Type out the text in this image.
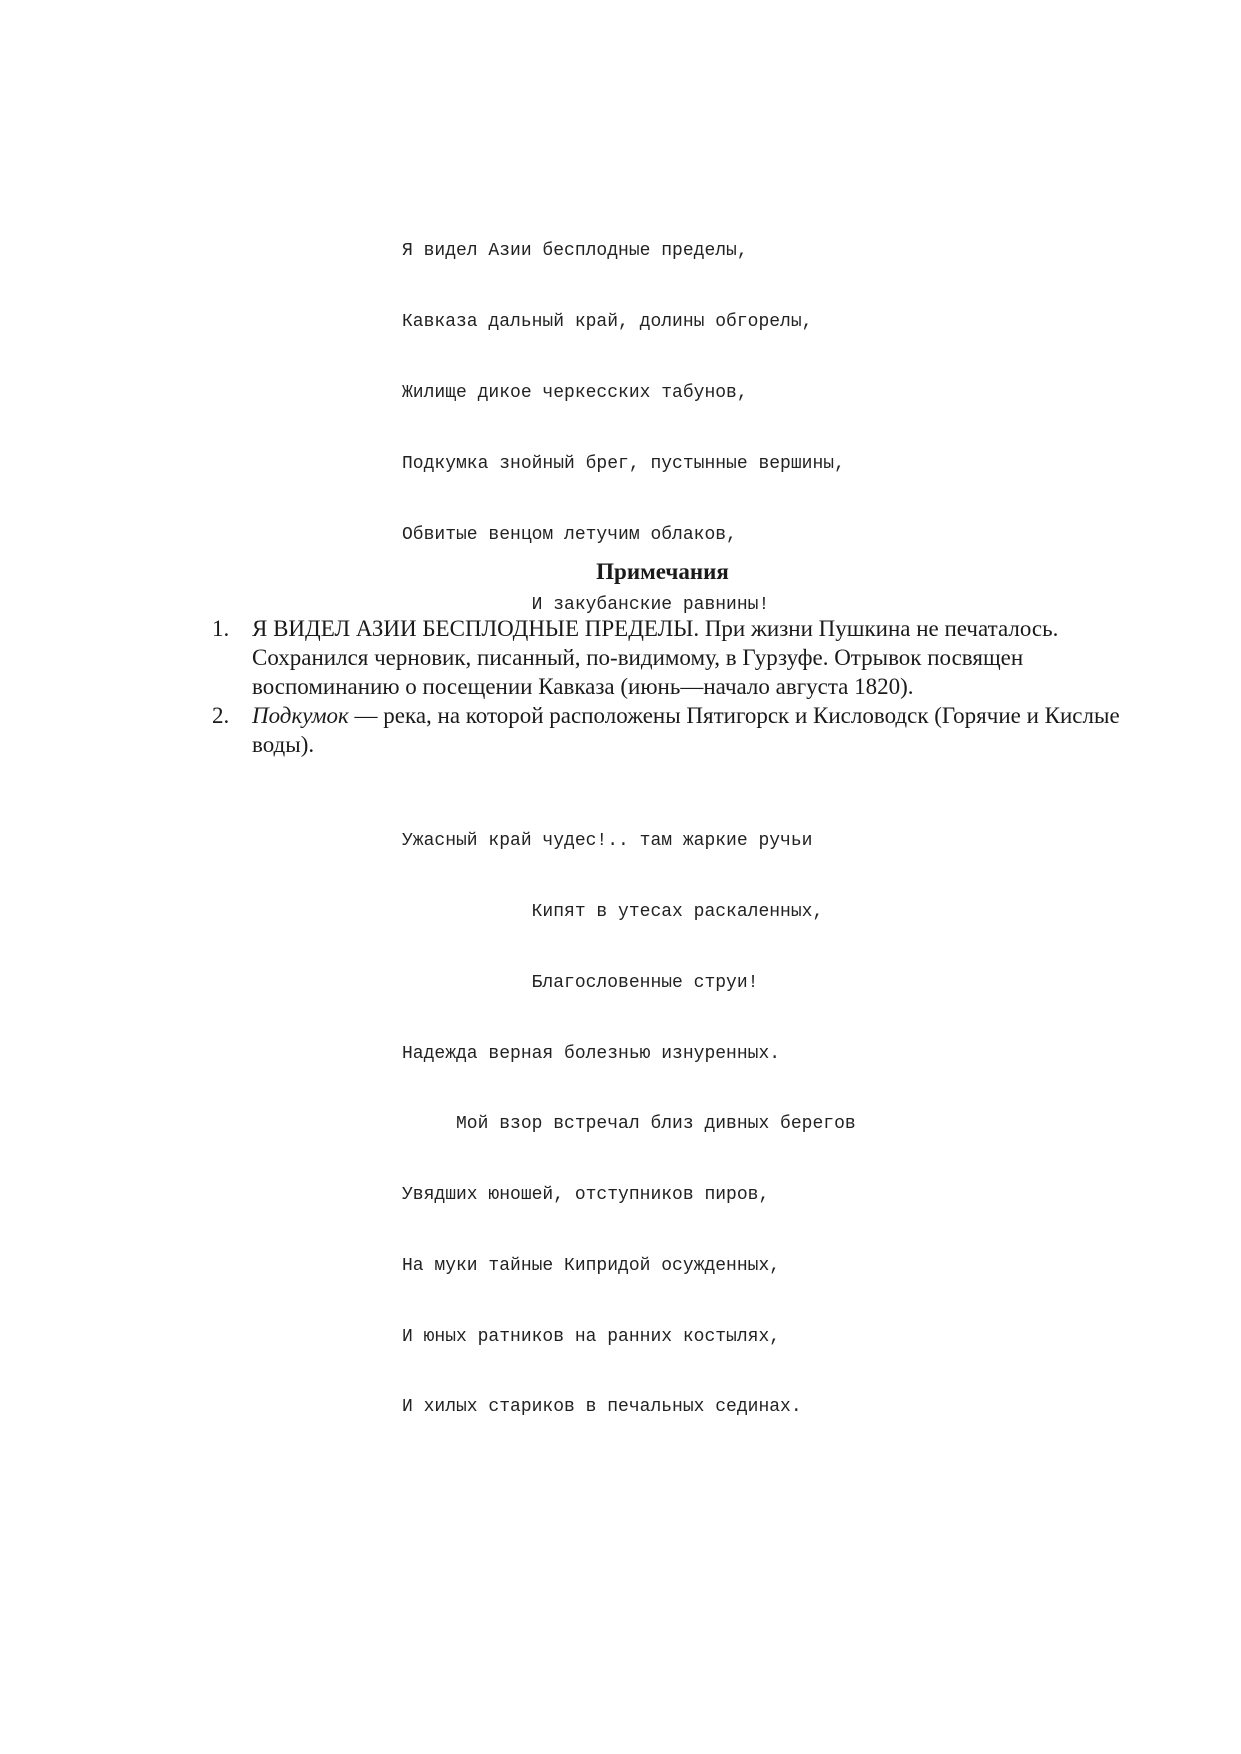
Я видел Азии бесплодные пределы,

Кавказа дальный край, долины обгорелы,

Жилище дикое черкесских табунов,

Подкумка знойный брег, пустынные вершины,

Обвитые венцом летучим облаков,

И закубанские равнины!

Ужасный край чудес!.. там жаркие ручьи

Кипят в утесах раскаленных,

Благословенные струи!

Надежда верная болезнью изнуренных.

Мой взор встречал близ дивных берегов

Увядших юношей, отступников пиров,

На муки тайные Кипридой осужденных,

И юных ратников на ранних костылях,

И хилых стариков в печальных сединах.

Примечания
1. Я ВИДЕЛ АЗИИ БЕСПЛОДНЫЕ ПРЕДЕЛЫ. При жизни Пушкина не печаталось. Сохранился черновик, писанный, по-видимому, в Гурзуфе. Отрывок посвящен воспоминанию о посещении Кавказа (июнь—начало августа 1820).
2. Подкумок — река, на которой расположены Пятигорск и Кисловодск (Горячие и Кислые воды).
